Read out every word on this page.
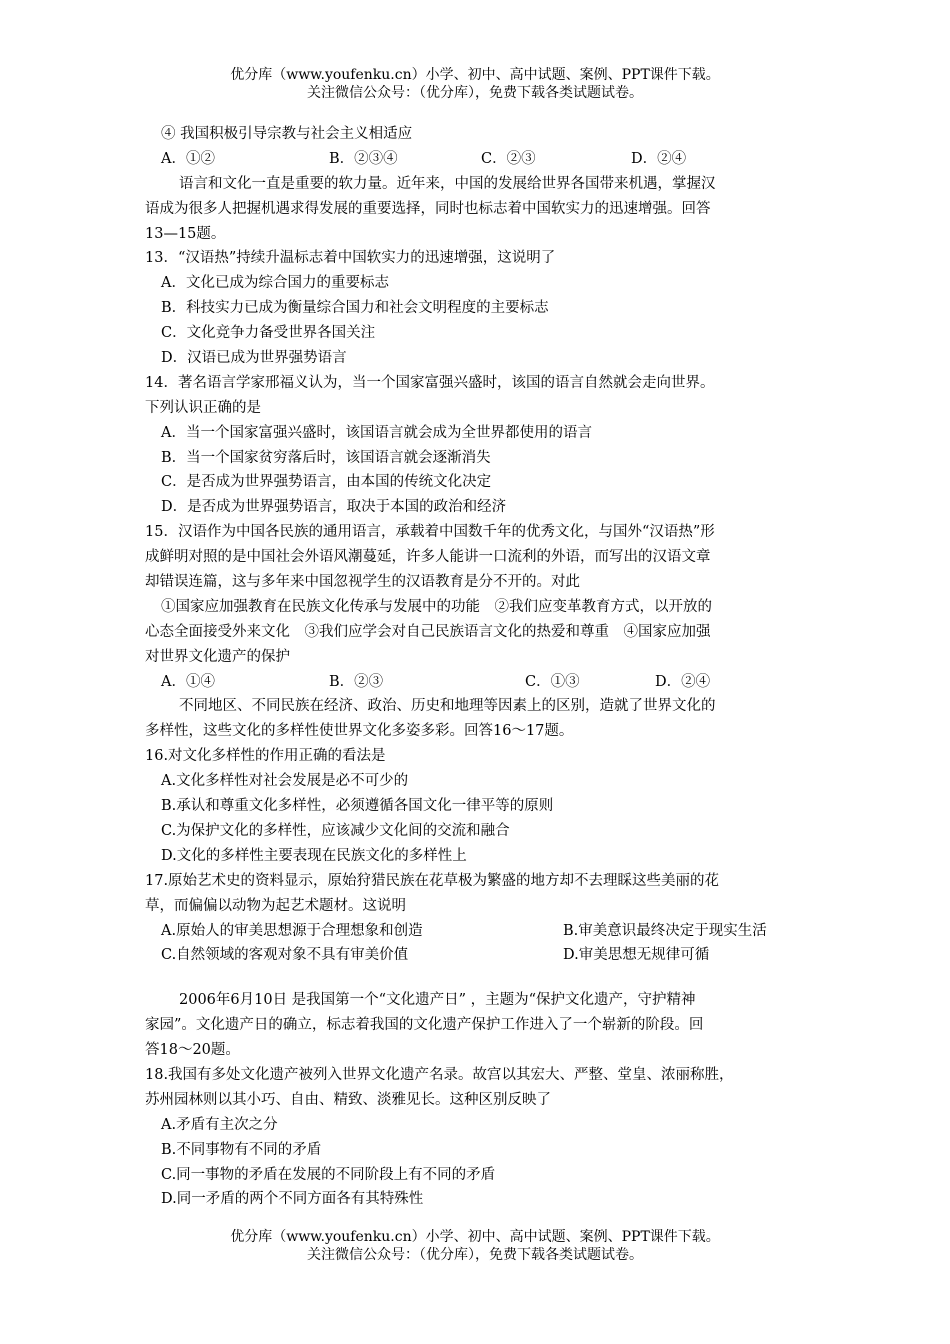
优分库（www.youfenku.cn）小学、初中、高中试题、案例、PPT课件下载。
关注微信公众号：（优分库），免费下载各类试题试卷。
④ 我国积极引导宗教与社会主义相适应
A．①②	B．②③④	C．②③	D．②④
语言和文化一直是重要的软力量。近年来，中国的发展给世界各国带来机遇，掌握汉
语成为很多人把握机遇求得发展的重要选择，同时也标志着中国软实力的迅速增强。回答
13—15题。
13．“汉语热”持续升温标志着中国软实力的迅速增强，这说明了
A．文化已成为综合国力的重要标志
B．科技实力已成为衡量综合国力和社会文明程度的主要标志
C．文化竞争力备受世界各国关注
D．汉语已成为世界强势语言
14．著名语言学家邢福义认为，当一个国家富强兴盛时，该国的语言自然就会走向世界。
下列认识正确的是
A．当一个国家富强兴盛时，该国语言就会成为全世界都使用的语言
B．当一个国家贫穷落后时，该国语言就会逐渐消失
C．是否成为世界强势语言，由本国的传统文化决定
D．是否成为世界强势语言，取决于本国的政治和经济
15．汉语作为中国各民族的通用语言，承载着中国数千年的优秀文化，与国外“汉语热”形
成鲜明对照的是中国社会外语风潮蔓延，许多人能讲一口流利的外语，而写出的汉语文章
却错误连篇，这与多年来中国忽视学生的汉语教育是分不开的。对此
①国家应加强教育在民族文化传承与发展中的功能　②我们应变革教育方式，以开放的
心态全面接受外来文化　③我们应学会对自己民族语言文化的热爱和尊重　④国家应加强
对世界文化遗产的保护
A．①④	B．②③	C．①③	D．②④
不同地区、不同民族在经济、政治、历史和地理等因素上的区别，造就了世界文化的
多样性，这些文化的多样性使世界文化多姿多彩。回答16～17题。
16.对文化多样性的作用正确的看法是
A.文化多样性对社会发展是必不可少的
B.承认和尊重文化多样性，必须遵循各国文化一律平等的原则
C.为保护文化的多样性，应该减少文化间的交流和融合
D.文化的多样性主要表现在民族文化的多样性上
17.原始艺术史的资料显示，原始狩猎民族在花草极为繁盛的地方却不去理睬这些美丽的花
草，而偏偏以动物为起艺术题材。这说明
A.原始人的审美思想源于合理想象和创造	B.审美意识最终决定于现实生活
C.自然领域的客观对象不具有审美价值	D.审美思想无规律可循
2006年6月10日 是我国第一个“文化遗产日” ，主题为“保护文化遗产，守护精神
家园”。文化遗产日的确立，标志着我国的文化遗产保护工作进入了一个崭新的阶段。回
答18～20题。
18.我国有多处文化遗产被列入世界文化遗产名录。故宫以其宏大、严整、堂皇、浓丽称胜，
苏州园林则以其小巧、自由、精致、淡雅见长。这种区别反映了
A.矛盾有主次之分
B.不同事物有不同的矛盾
C.同一事物的矛盾在发展的不同阶段上有不同的矛盾
D.同一矛盾的两个不同方面各有其特殊性
优分库（www.youfenku.cn）小学、初中、高中试题、案例、PPT课件下载。
关注微信公众号：（优分库），免费下载各类试题试卷。
